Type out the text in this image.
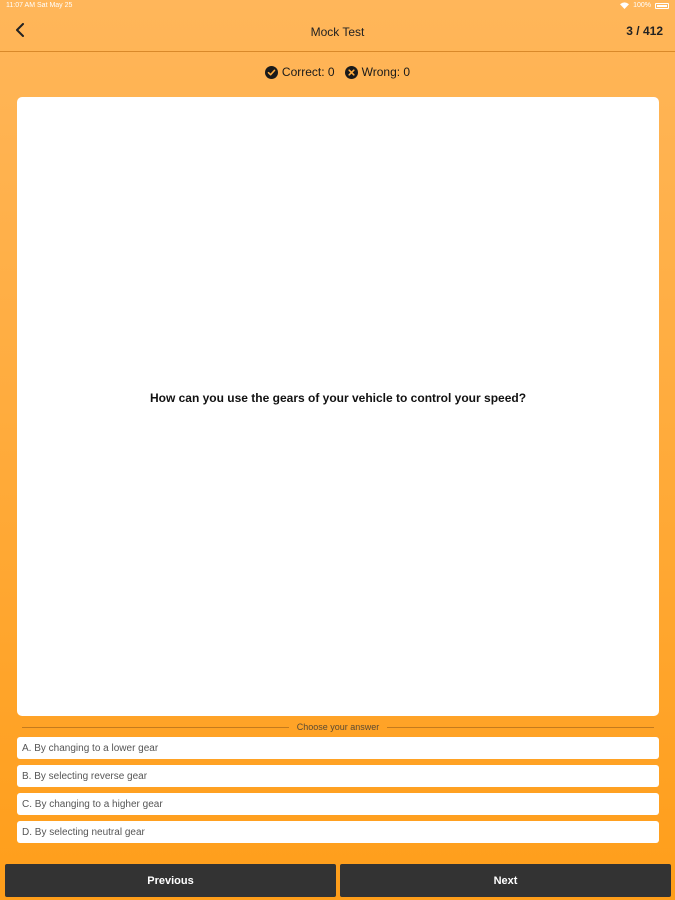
11:07 AM Sat May 25	100%
Mock Test	3 / 412
Correct: 0 Wrong: 0
How can you use the gears of your vehicle to control your speed?
Choose your answer
A. By changing to a lower gear
B. By selecting reverse gear
C. By changing to a higher gear
D. By selecting neutral gear
Previous	Next
